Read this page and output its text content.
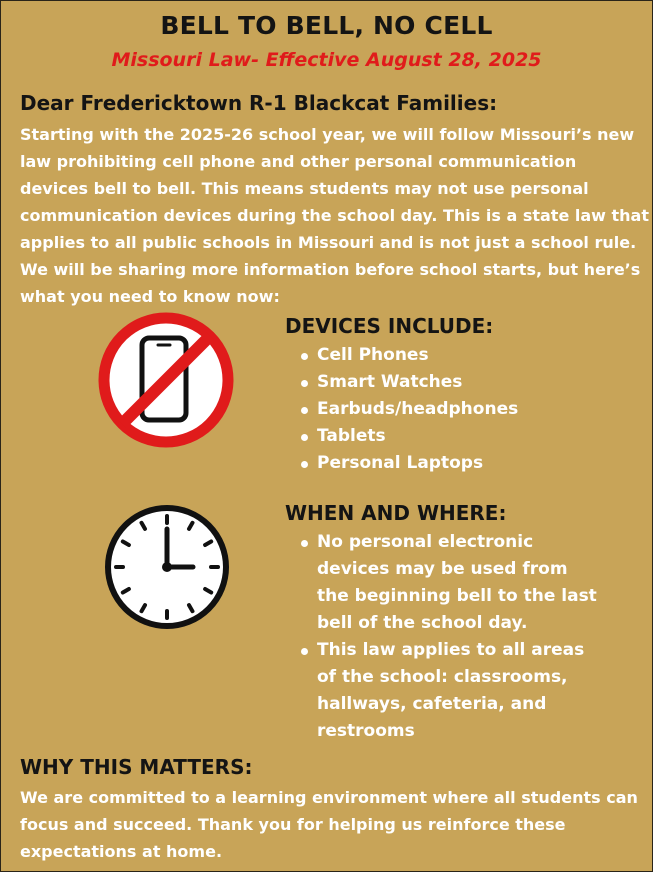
BELL TO BELL, NO CELL
Missouri Law- Effective August 28, 2025
Dear Fredericktown R-1 Blackcat Families:
Starting with the 2025-26 school year, we will follow Missouri’s new
law prohibiting cell phone and other personal communication
devices bell to bell. This means students may not use personal
communication devices during the school day. This is a state law that
applies to all public schools in Missouri and is not just a school rule.
We will be sharing more information before school starts, but here’s
what you need to know now:
DEVICES INCLUDE:
Cell Phones
Smart Watches
Earbuds/headphones
Tablets
Personal Laptops
WHEN AND WHERE:
No personal electronic
devices may be used from
the beginning bell to the last
bell of the school day.
This law applies to all areas
of the school: classrooms,
hallways, cafeteria, and
restrooms
WHY THIS MATTERS:
We are committed to a learning environment where all students can
focus and succeed. Thank you for helping us reinforce these
expectations at home.
